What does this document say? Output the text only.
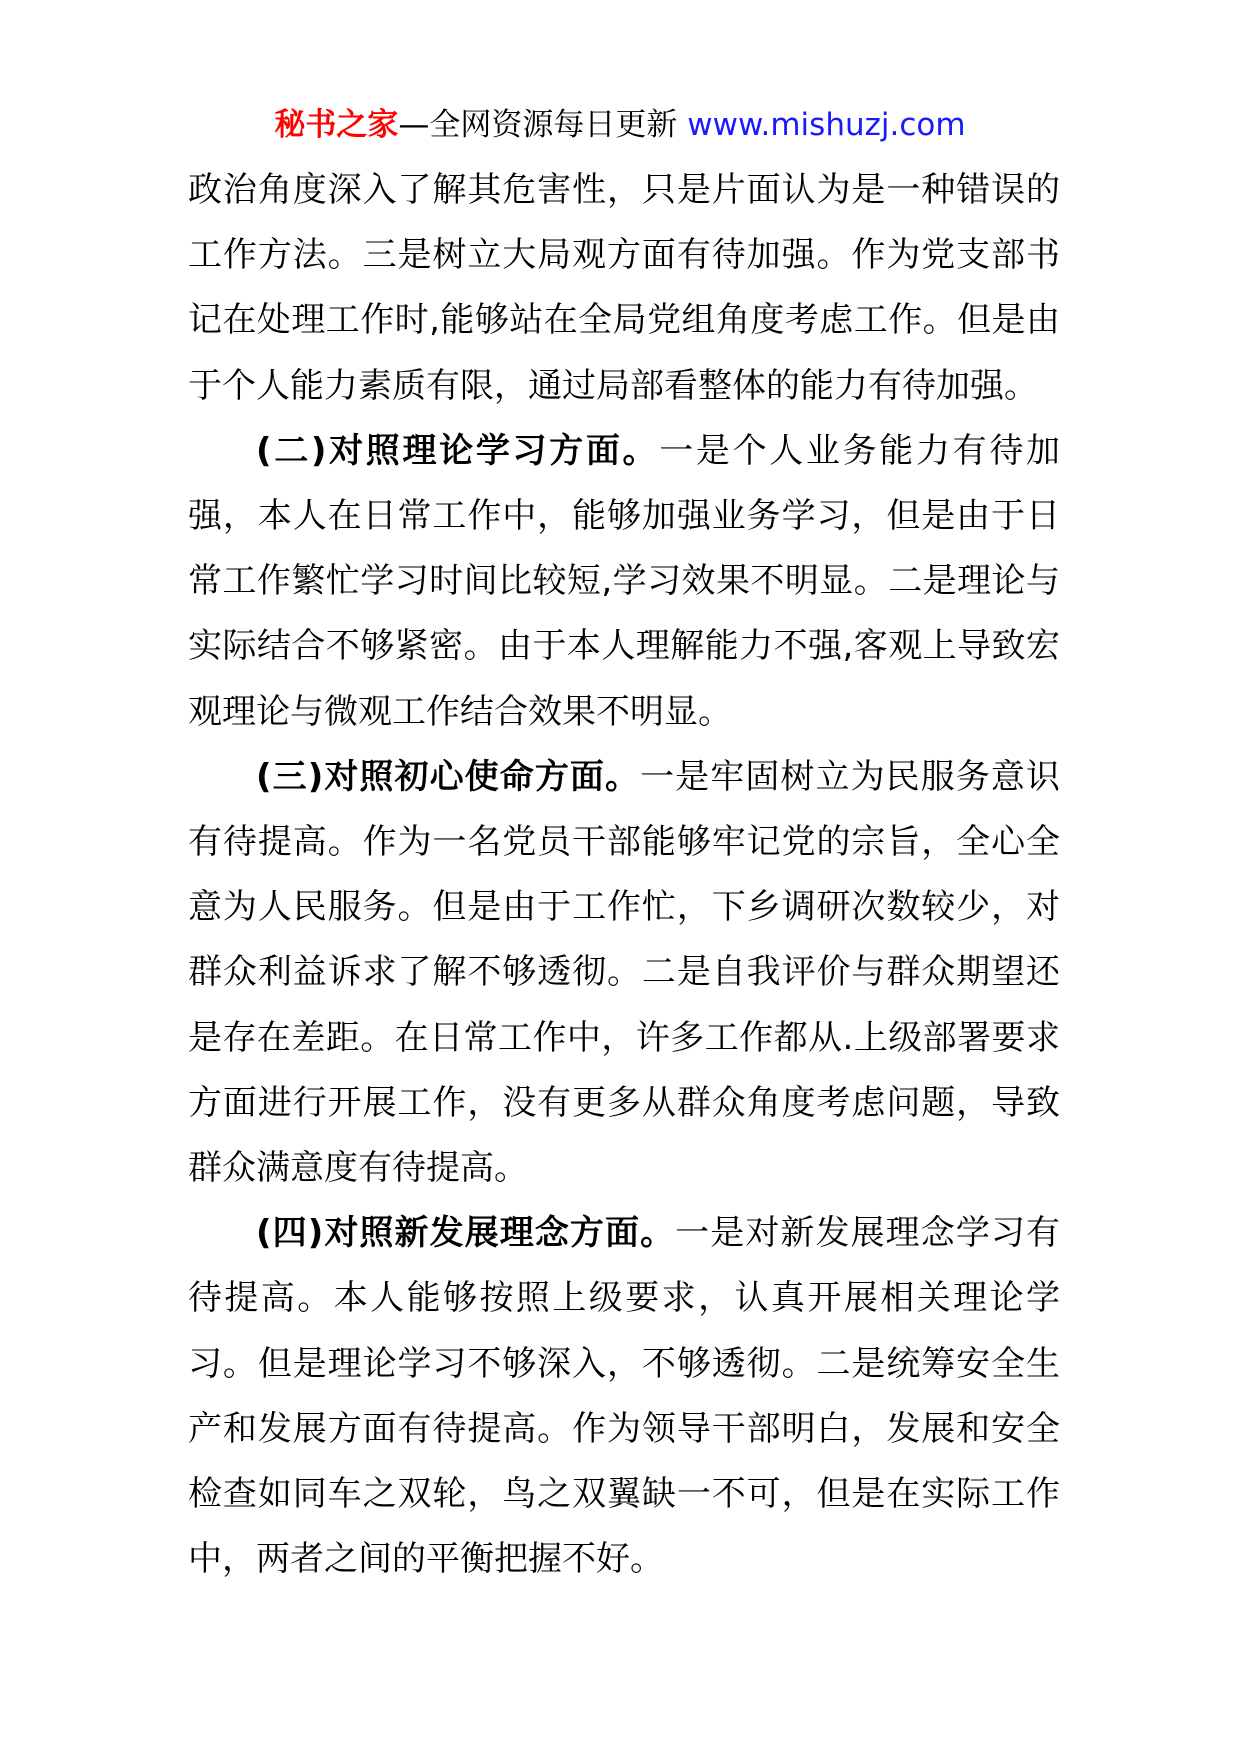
秘书之家—全网资源每日更新 www.mishuzj.com

政治角度深入了解其危害性，只是片面认为是一种错误的工作方法。三是树立大局观方面有待加强。作为党支部书记在处理工作时,能够站在全局党组角度考虑工作。但是由于个人能力素质有限，通过局部看整体的能力有待加强。

(二)对照理论学习方面。一是个人业务能力有待加强，本人在日常工作中，能够加强业务学习，但是由于日常工作繁忙学习时间比较短,学习效果不明显。二是理论与实际结合不够紧密。由于本人理解能力不强,客观上导致宏观理论与微观工作结合效果不明显。

(三)对照初心使命方面。一是牢固树立为民服务意识有待提高。作为一名党员干部能够牢记党的宗旨，全心全意为人民服务。但是由于工作忙，下乡调研次数较少，对群众利益诉求了解不够透彻。二是自我评价与群众期望还是存在差距。在日常工作中，许多工作都从.上级部署要求方面进行开展工作，没有更多从群众角度考虑问题，导致群众满意度有待提高。

(四)对照新发展理念方面。一是对新发展理念学习有待提高。本人能够按照上级要求，认真开展相关理论学习。但是理论学习不够深入，不够透彻。二是统筹安全生产和发展方面有待提高。作为领导干部明白，发展和安全检查如同车之双轮，鸟之双翼缺一不可，但是在实际工作中，两者之间的平衡把握不好。
